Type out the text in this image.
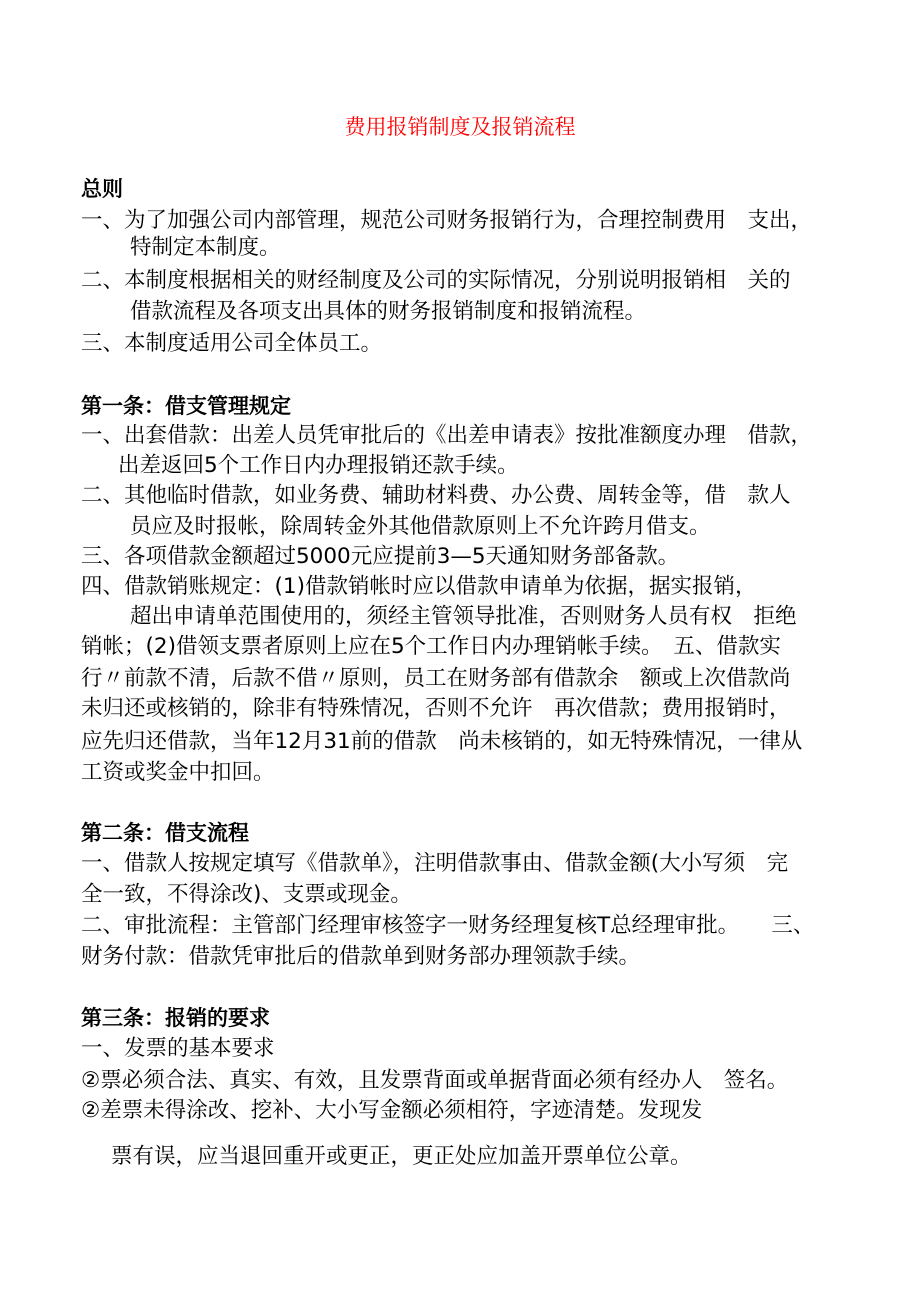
费用报销制度及报销流程
总则
一、为了加强公司内部管理，规范公司财务报销行为，合理控制费用　支出，
特制定本制度。
二、本制度根据相关的财经制度及公司的实际情况，分别说明报销相　关的
借款流程及各项支出具体的财务报销制度和报销流程。
三、本制度适用公司全体员工。
第一条：借支管理规定
一、出套借款：出差人员凭审批后的《出差申请表》按批准额度办理　借款，
出差返回5个工作日内办理报销还款手续。
二、其他临时借款，如业务费、辅助材料费、办公费、周转金等，借　款人
员应及时报帐，除周转金外其他借款原则上不允许跨月借支。
三、各项借款金额超过5000元应提前3—5天通知财务部备款。
四、借款销账规定：(1)借款销帐时应以借款申请单为依据，据实报销，
超出申请单范围使用的，须经主管领导批准，否则财务人员有权　拒绝
销帐；(2)借领支票者原则上应在5个工作日内办理销帐手续。　五、借款实
行〃前款不清，后款不借〃原则，员工在财务部有借款余　额或上次借款尚
未归还或核销的，除非有特殊情况，否则不允许　再次借款；费用报销时，
应先归还借款，当年12月31前的借款　尚未核销的，如无特殊情况，一律从
工资或奖金中扣回。
第二条：借支流程
一、借款人按规定填写《借款单》，注明借款事由、借款金额(大小写须　完
全一致，不得涂改)、支票或现金。
二、审批流程：主管部门经理审核签字一财务经理复核T总经理审批。　　三、
财务付款：借款凭审批后的借款单到财务部办理领款手续。
第三条：报销的要求
一、发票的基本要求
②票必须合法、真实、有效，且发票背面或单据背面必须有经办人　签名。
②差票未得涂改、挖补、大小写金额必须相符，字迹清楚。发现发
票有误，应当退回重开或更正，更正处应加盖开票单位公章。
